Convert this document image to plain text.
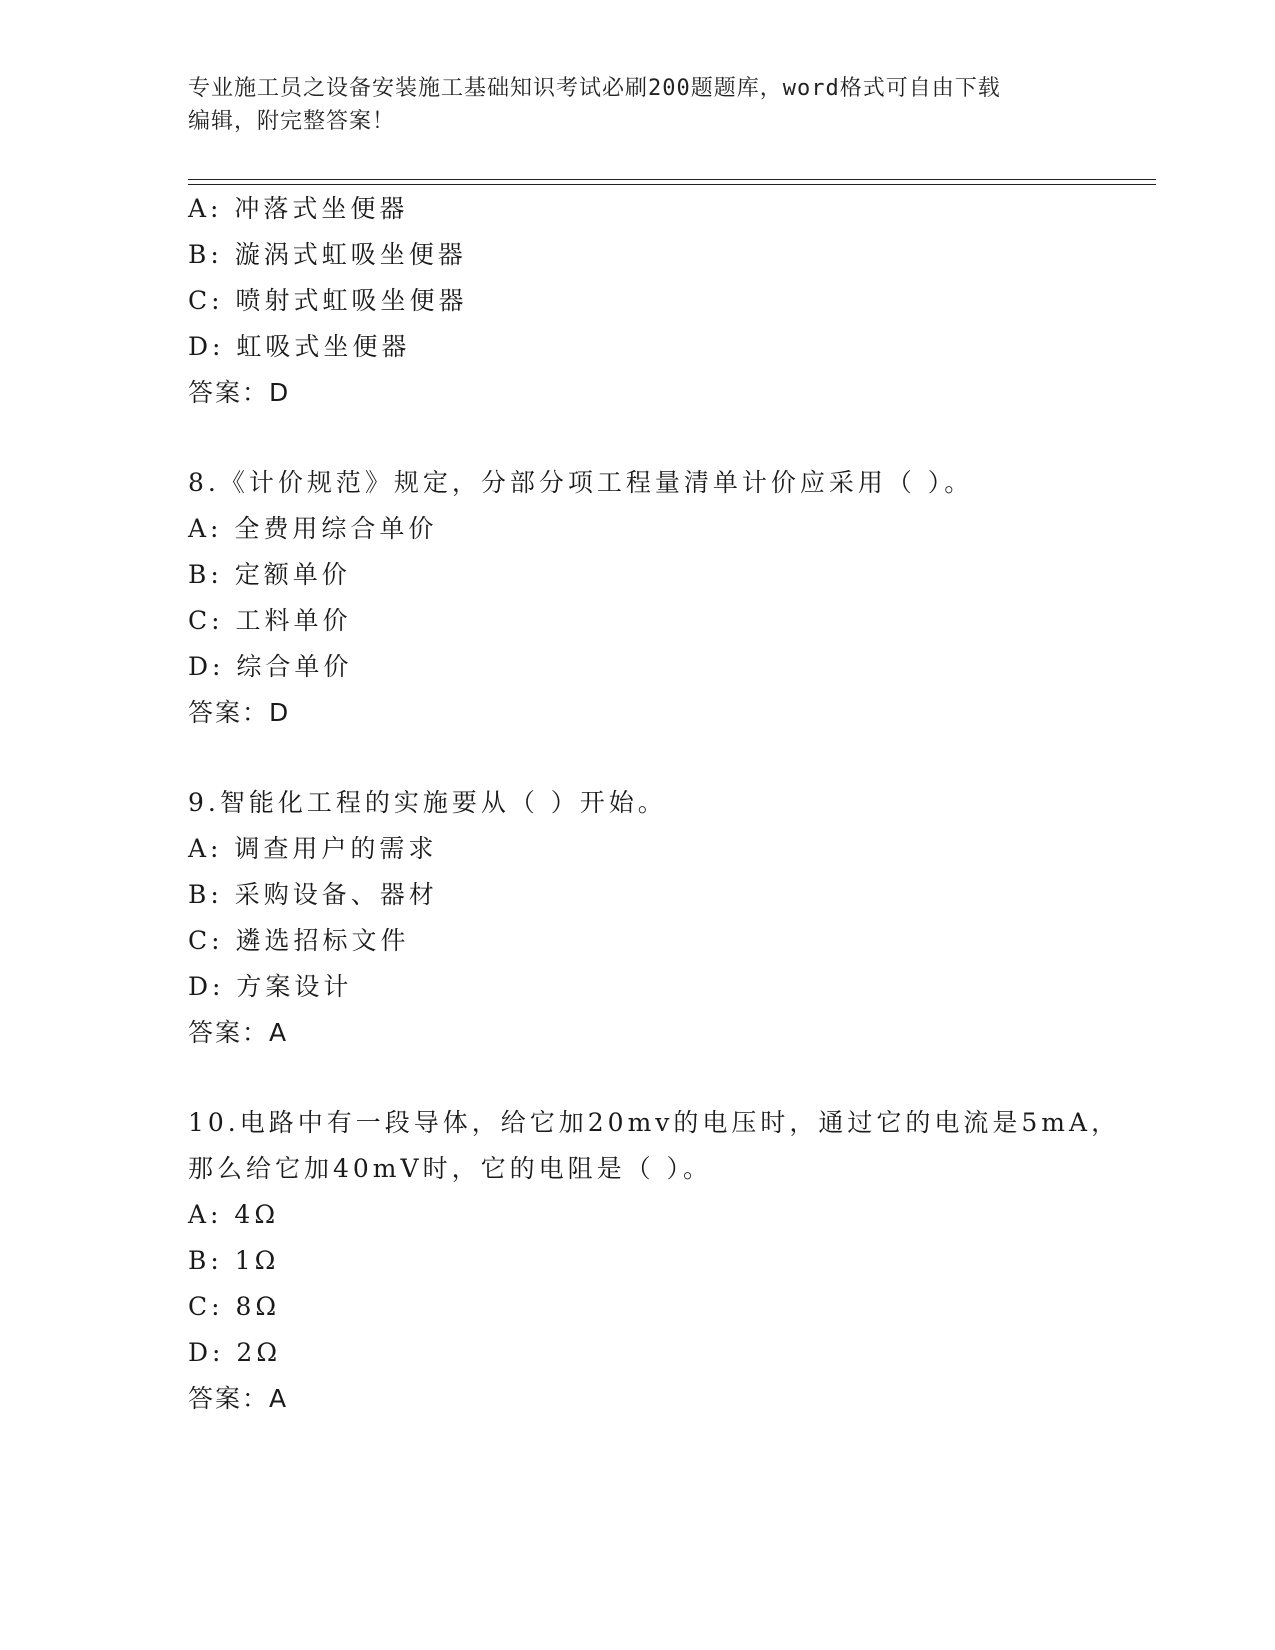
专业施工员之设备安装施工基础知识考试必刷200题题库，word格式可自由下载
编辑，附完整答案！
A: 冲落式坐便器
B: 漩涡式虹吸坐便器
C: 喷射式虹吸坐便器
D: 虹吸式坐便器
答案：D
8.《计价规范》规定，分部分项工程量清单计价应采用（ ）。
A: 全费用综合单价
B: 定额单价
C: 工料单价
D: 综合单价
答案：D
9.智能化工程的实施要从（ ）开始。
A: 调查用户的需求
B: 采购设备、器材
C: 遴选招标文件
D: 方案设计
答案：A
10.电路中有一段导体，给它加20mv的电压时，通过它的电流是5mA，
那么给它加40mV时，它的电阻是（ ）。
A: 4Ω
B: 1Ω
C: 8Ω
D: 2Ω
答案：A
